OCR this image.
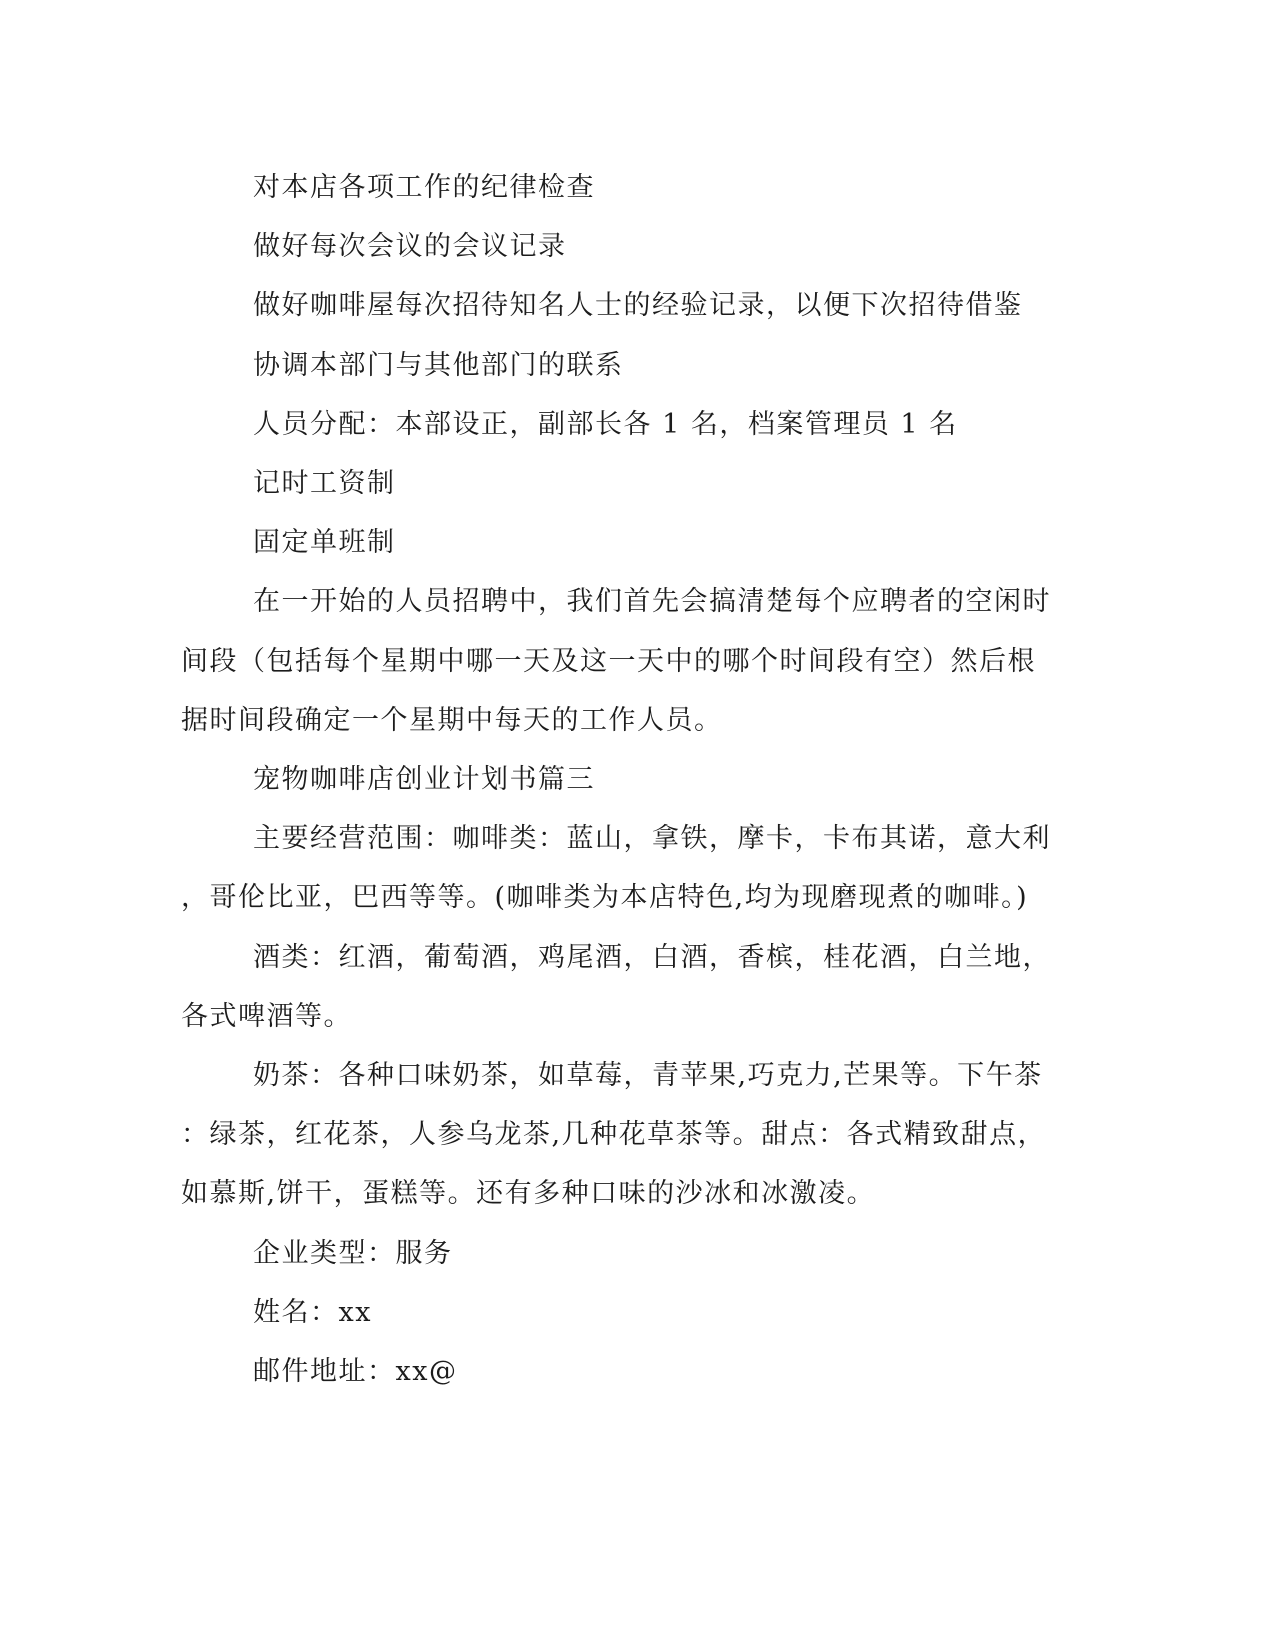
对本店各项工作的纪律检查
做好每次会议的会议记录
做好咖啡屋每次招待知名人士的经验记录，以便下次招待借鉴
协调本部门与其他部门的联系
人员分配：本部设正，副部长各 1 名，档案管理员 1 名
记时工资制
固定单班制
在一开始的人员招聘中，我们首先会搞清楚每个应聘者的空闲时
间段（包括每个星期中哪一天及这一天中的哪个时间段有空）然后根
据时间段确定一个星期中每天的工作人员。
宠物咖啡店创业计划书篇三
主要经营范围：咖啡类：蓝山，拿铁，摩卡，卡布其诺，意大利
，哥伦比亚，巴西等等。(咖啡类为本店特色,均为现磨现煮的咖啡。)
酒类：红酒，葡萄酒，鸡尾酒，白酒，香槟，桂花酒，白兰地，
各式啤酒等。
奶茶：各种口味奶茶，如草莓，青苹果,巧克力,芒果等。下午茶
：绿茶，红花茶，人参乌龙茶,几种花草茶等。甜点：各式精致甜点，
如慕斯,饼干，蛋糕等。还有多种口味的沙冰和冰激凌。
企业类型：服务
姓名：xx
邮件地址：xx@
